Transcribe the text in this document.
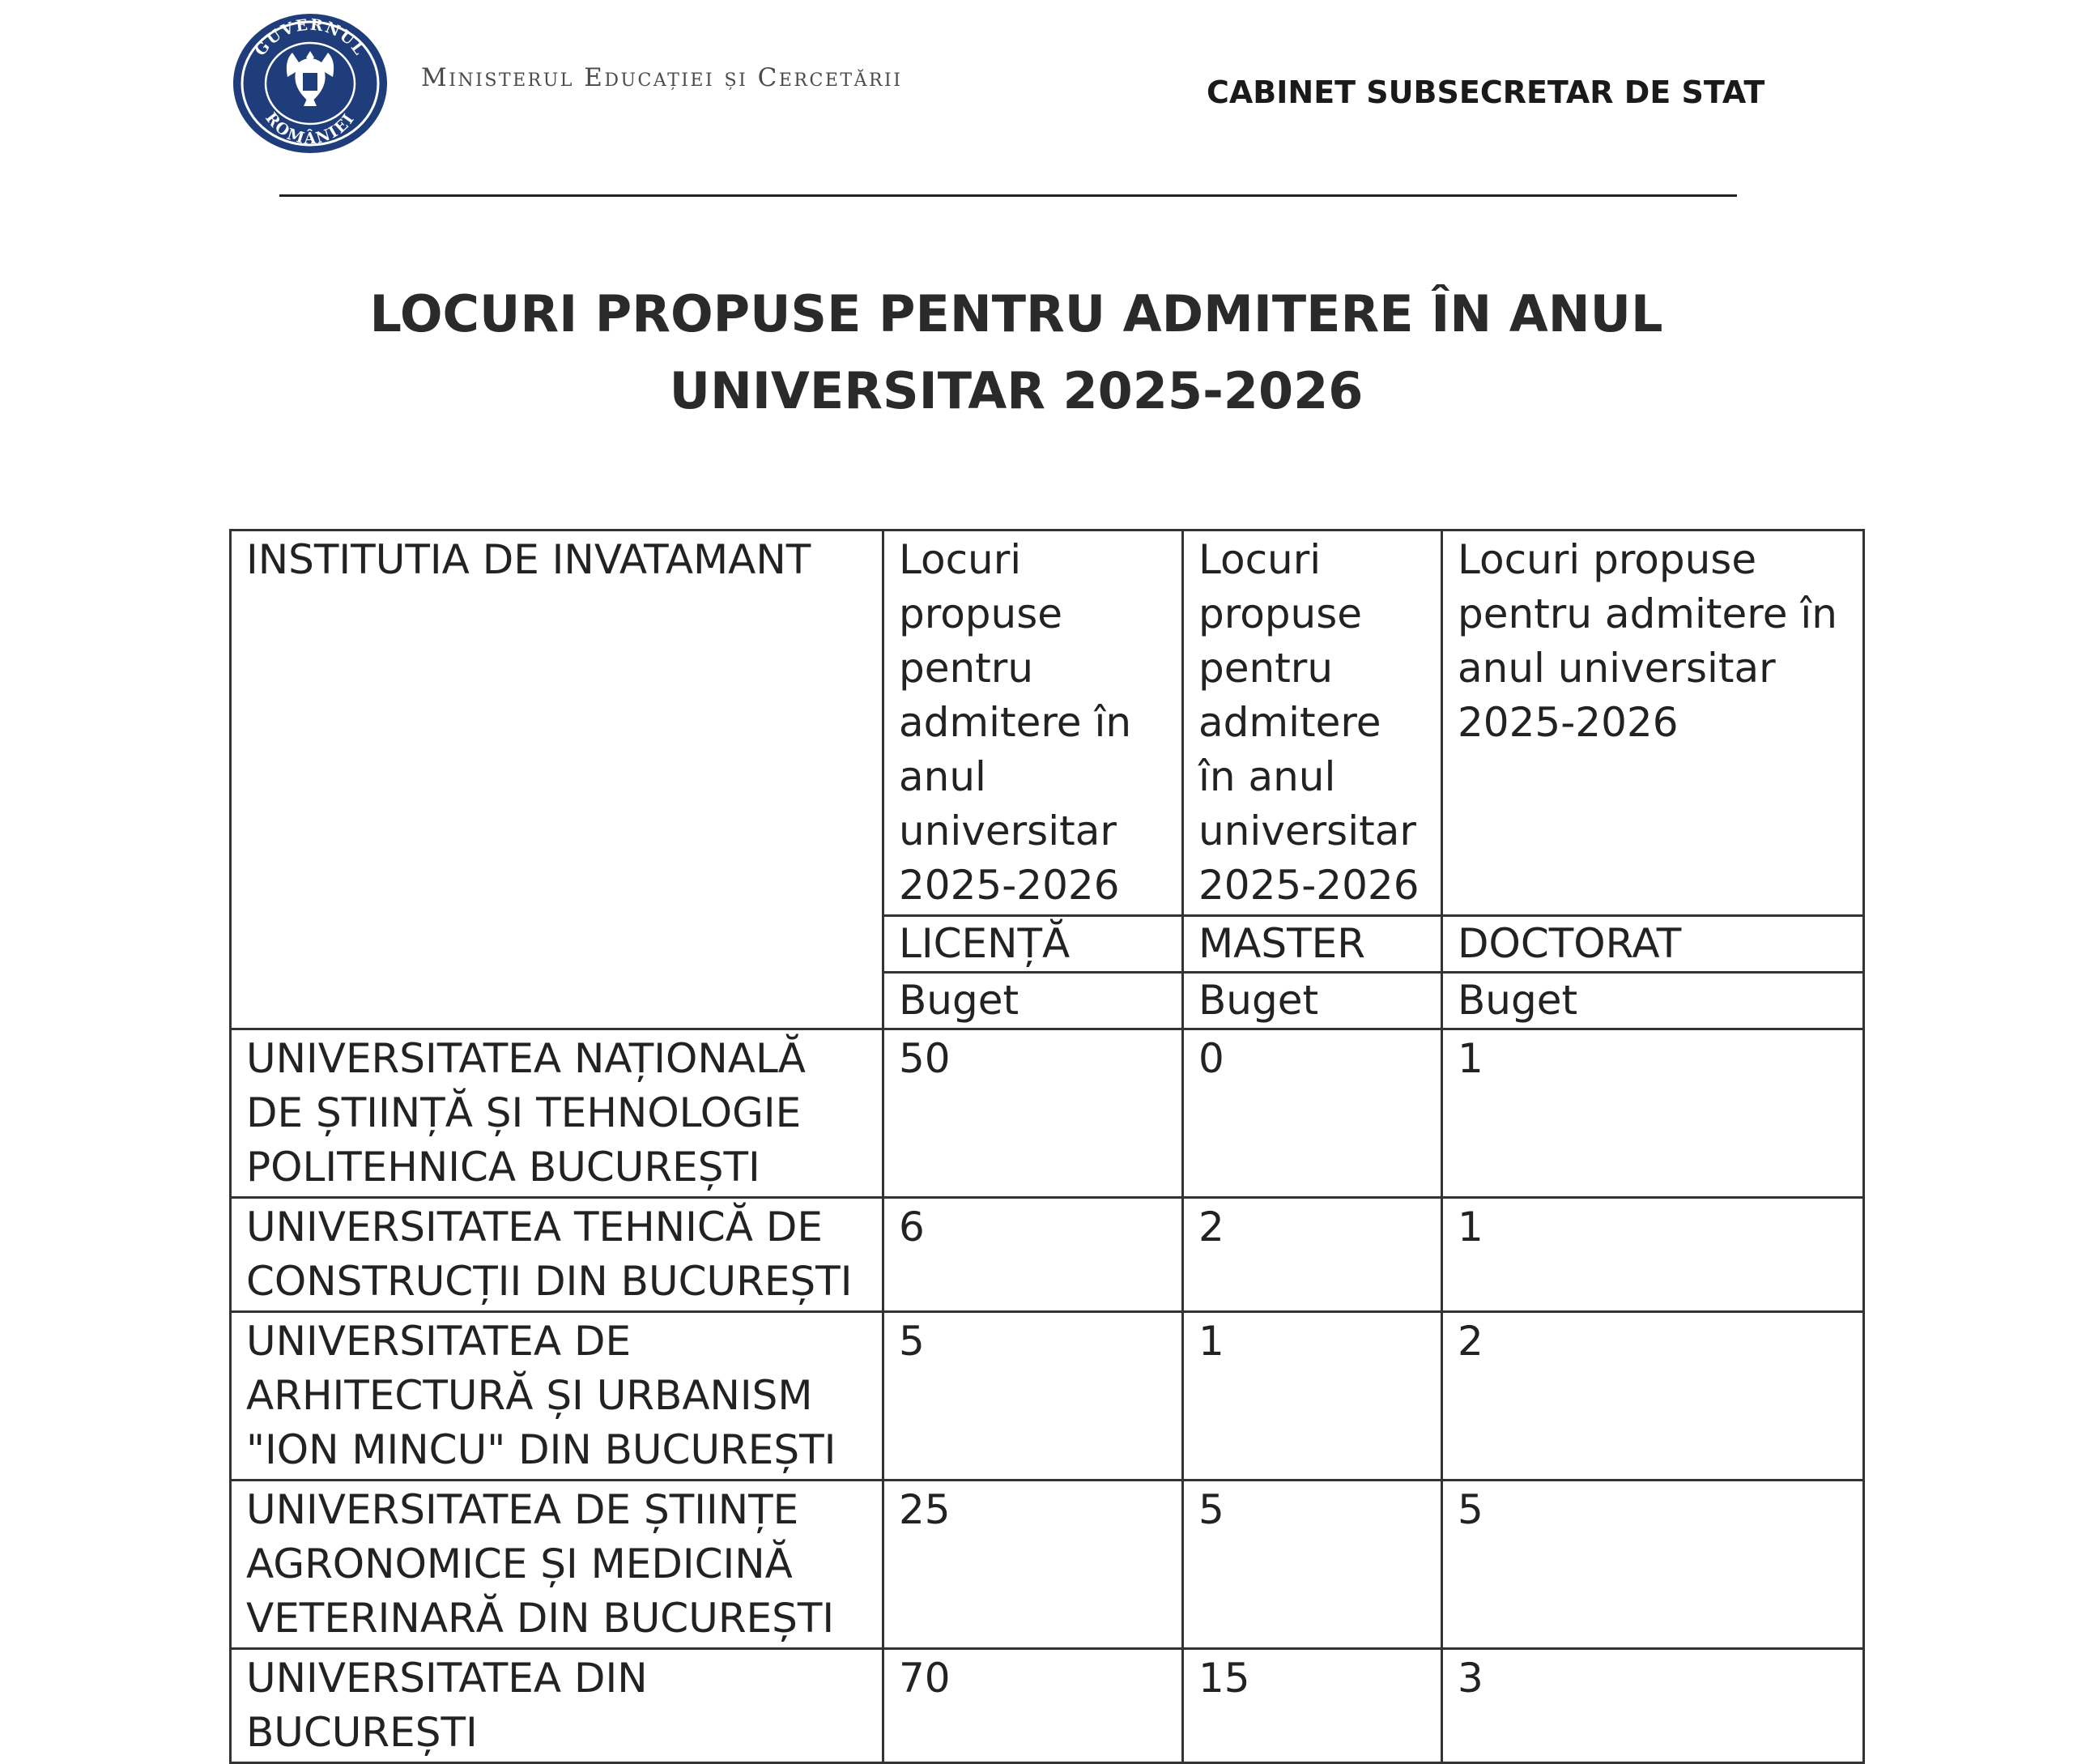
GUVERNUL
ROMÂNIEI
Ministerul Educației și Cercetării	CABINET SUBSECRETAR DE STAT
LOCURI PROPUSE PENTRU ADMITERE ÎN ANUL
UNIVERSITAR 2025-2026
INSTITUTIA DE INVATAMANT	Locuri propuse pentru admitere în anul universitar 2025-2026	Locuri propuse pentru admitere în anul universitar 2025-2026	Locuri propuse pentru admitere în anul universitar 2025-2026
	LICENȚĂ	MASTER	DOCTORAT
	Buget	Buget	Buget
UNIVERSITATEA NAȚIONALĂ DE ȘTIINȚĂ ȘI TEHNOLOGIE POLITEHNICA BUCUREȘTI	50	0	1
UNIVERSITATEA TEHNICĂ DE CONSTRUCȚII DIN BUCUREȘTI	6	2	1
UNIVERSITATEA DE ARHITECTURĂ ȘI URBANISM "ION MINCU" DIN BUCUREȘTI	5	1	2
UNIVERSITATEA DE ȘTIINȚE AGRONOMICE ȘI MEDICINĂ VETERINARĂ DIN BUCUREȘTI	25	5	5
UNIVERSITATEA DIN BUCUREȘTI	70	15	3
